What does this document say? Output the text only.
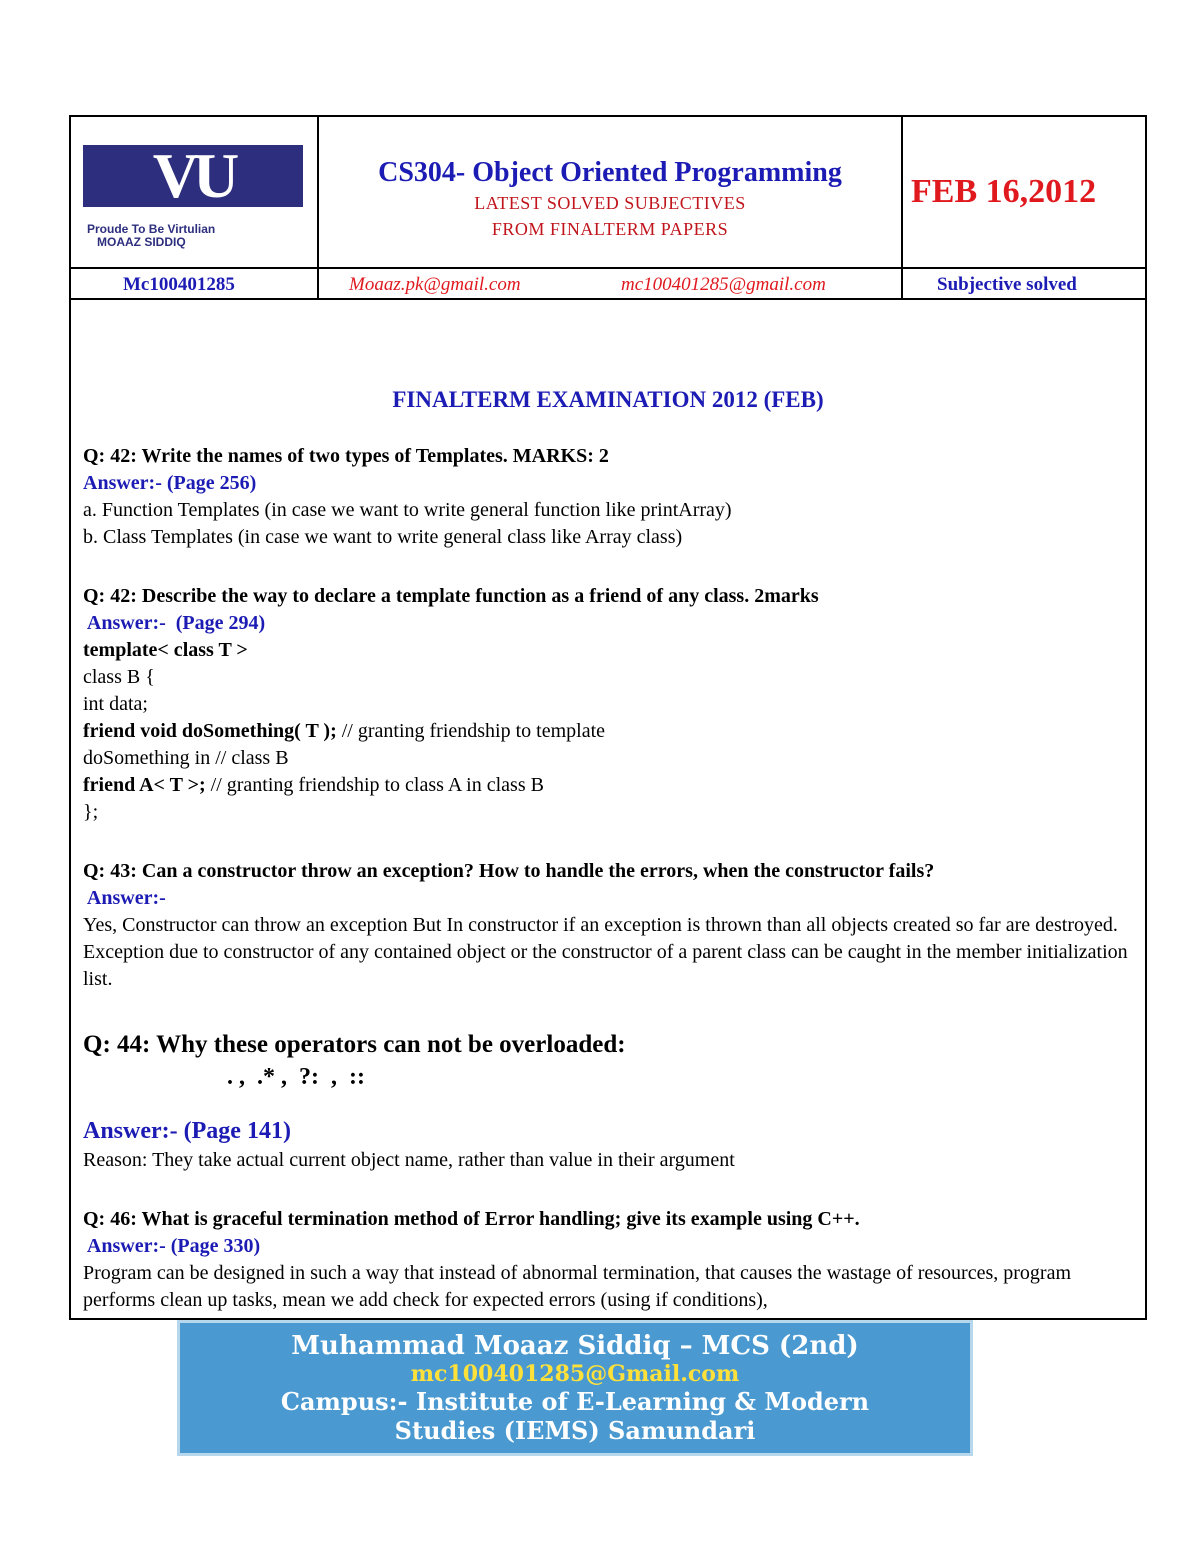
VU
Proude To Be Virtulian
MOAAZ SIDDIQ
CS304- Object Oriented Programming
LATEST SOLVED SUBJECTIVES
FROM FINALTERM PAPERS
FEB 16,2012
Mc100401285	Moaaz.pk@gmail.com	mc100401285@gmail.com	Subjective solved
FINALTERM EXAMINATION 2012 (FEB)
Q: 42: Write the names of two types of Templates. MARKS: 2
Answer:- (Page 256)
a. Function Templates (in case we want to write general function like printArray)
b. Class Templates (in case we want to write general class like Array class)
Q: 42: Describe the way to declare a template function as a friend of any class. 2marks
Answer:-  (Page 294)
template< class T >
class B {
int data;
friend void doSomething( T ); // granting friendship to template
doSomething in // class B
friend A< T >; // granting friendship to class A in class B
};
Q: 43: Can a constructor throw an exception? How to handle the errors, when the constructor fails?
Answer:-
Yes, Constructor can throw an exception But In constructor if an exception is thrown than all objects created so far are destroyed. Exception due to constructor of any contained object or the constructor of a parent class can be caught in the member initialization list.
Q: 44: Why these operators can not be overloaded:
. ,  .* ,  ?:  ,  ::
Answer:- (Page 141)
Reason: They take actual current object name, rather than value in their argument
Q: 46: What is graceful termination method of Error handling; give its example using C++.
Answer:- (Page 330)
Program can be designed in such a way that instead of abnormal termination, that causes the wastage of resources, program performs clean up tasks, mean we add check for expected errors (using if conditions),
Muhammad Moaaz Siddiq – MCS (2nd)
mc100401285@Gmail.com
Campus:- Institute of E-Learning & Modern
Studies (IEMS) Samundari
